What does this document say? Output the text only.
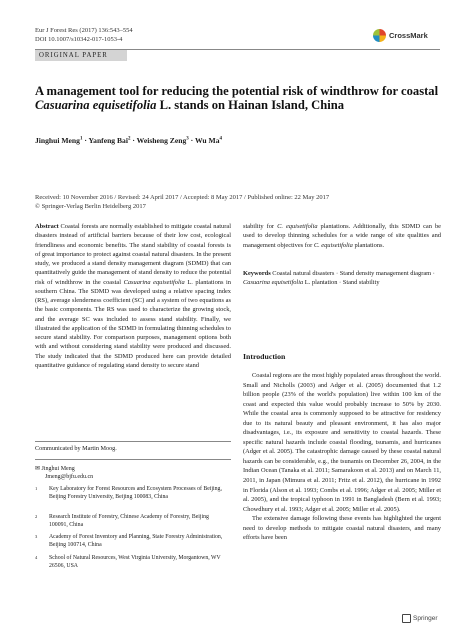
Eur J Forest Res (2017) 136:543–554
DOI 10.1007/s10342-017-1053-4	CrossMark
ORIGINAL PAPER
A management tool for reducing the potential risk of windthrow for coastal Casuarina equisetifolia L. stands on Hainan Island, China
Jinghui Meng$^1$ · Yanfeng Bai$^2$ · Weisheng Zeng$^3$ · Wu Ma$^4$
Received: 10 November 2016 / Revised: 24 April 2017 / Accepted: 8 May 2017 / Published online: 22 May 2017
© Springer-Verlag Berlin Heidelberg 2017
Abstract Coastal forests are normally established to mitigate coastal natural disasters instead of artificial barriers because of their low cost, ecological friendliness and economic benefits. The stand stability of coastal forests is of great importance to protect against coastal natural disasters. In the present study, we produced a stand density management diagram (SDMD) that can quantitatively guide the management of stand density to reduce the potential risk of windthrow in the coastal Casuarina equisetifolia L. plantations in southern China. The SDMD was developed using a relative spacing index (RS), average slenderness coefficient (SC) and a system of two equations as the basic components. The RS was used to characterize the growing stock, and the average SC was included to assess stand stability. Finally, we illustrated the application of the SDMD in formulating thinning schedules to secure stand stability. For comparison purposes, management options both with and without considering stand stability were produced and discussed. The study indicated that the SDMD produced here can provide detailed quantitative guidance of regulating stand density to secure stand
stability for C. equisetifolia plantations. Additionally, this SDMD can be used to develop thinning schedules for a wide range of site qualities and management objectives for C. equisetifolia plantations.
Keywords Coastal natural disasters · Stand density management diagram · Casuarina equisetifolia L. plantation · Stand stability
Introduction

Coastal regions are the most highly populated areas throughout the world. Small and Nicholls (2003) and Adger et al. (2005) documented that 1.2 billion people (23% of the world's population) live within 100 km of the coast and expected this value would probably increase to 50% by 2030. While the coastal area is commonly supposed to be attractive for residency due to its natural beauty and pleasant environment, it has also major disadvantages, i.e., its exposure and sensitivity to coastal hazards. These specific natural hazards include coastal flooding, tsunamis, and hurricanes (Adger et al. 2005). The catastrophic damage caused by these coastal natural hazards can be considerable, e.g., the tsunamis on December 26, 2004, in the Indian Ocean (Tanaka et al. 2011; Samarakoon et al. 2013) and on March 11, 2011, in Japan (Mimura et al. 2011; Fritz et al. 2012), the hurricane in 1992 in Florida (Alson et al. 1993; Combs et al. 1996; Adger et al. 2005; Miller et al. 2005), and the tropical typhoon in 1991 in Bangladesh (Bern et al. 1993; Chowdhury et al. 1993; Adger et al. 2005; Miller et al. 2005).

The extensive damage following these events has highlighted the urgent need to develop methods to mitigate coastal natural disasters, and many efforts have been

Communicated by Martin Moog.
✉ Jinghui Meng
Jmeng@bjfu.edu.cn
1	Key Laboratory for Forest Resources and Ecosystem Processes of Beijing, Beijing Forestry University, Beijing 100083, China
2	Research Institute of Forestry, Chinese Academy of Forestry, Beijing 100091, China
3	Academy of Forest Inventory and Planning, State Forestry Administration, Beijing 100714, China
4	School of Natural Resources, West Virginia University, Morgantown, WV 26506, USA
Springer
